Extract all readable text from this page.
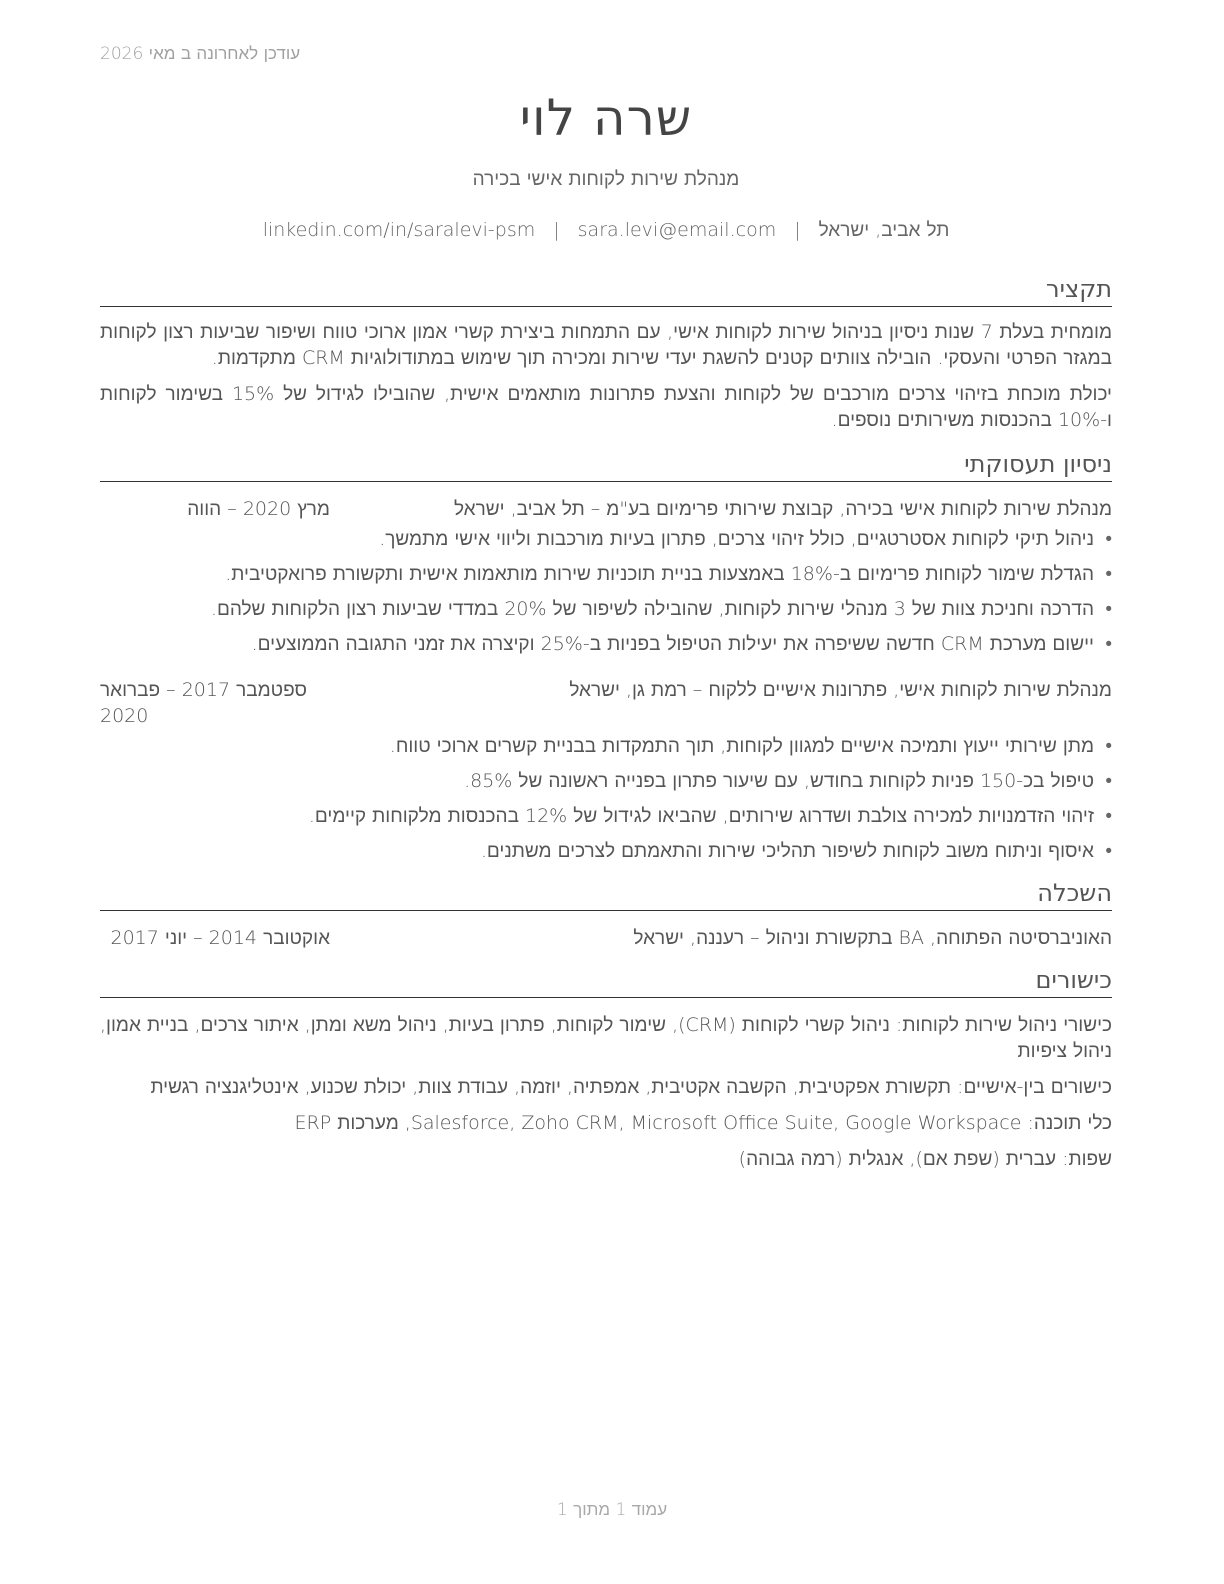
עודכן לאחרונה ב מאי 2026
שרה לוי
מנהלת שירות לקוחות אישי בכירה
תל אביב, ישראל
|
sara.levi@email.com
|
linkedin.com/in/saralevi-psm
תקציר

מומחית בעלת 7 שנות ניסיון בניהול שירות לקוחות אישי, עם התמחות ביצירת קשרי אמון ארוכי טווח ושיפור שביעות רצון לקוחות במגזר הפרטי והעסקי. הובילה צוותים קטנים להשגת יעדי שירות ומכירה תוך שימוש במתודולוגיות CRM מתקדמות.

יכולת מוכחת בזיהוי צרכים מורכבים של לקוחות והצעת פתרונות מותאמים אישית, שהובילו לגידול של 15% בשימור לקוחות ו-10% בהכנסות משירותים נוספים.

ניסיון תעסוקתי
מנהלת שירות לקוחות אישי בכירה, קבוצת שירותי פרימיום בע"מ – תל אביב, ישראל
מרץ 2020 – הווה
• ניהול תיקי לקוחות אסטרטגיים, כולל זיהוי צרכים, פתרון בעיות מורכבות וליווי אישי מתמשך.
• הגדלת שימור לקוחות פרימיום ב-18% באמצעות בניית תוכניות שירות מותאמות אישית ותקשורת פרואקטיבית.
• הדרכה וחניכת צוות של 3 מנהלי שירות לקוחות, שהובילה לשיפור של 20% במדדי שביעות רצון הלקוחות שלהם.
• יישום מערכת CRM חדשה ששיפרה את יעילות הטיפול בפניות ב-25% וקיצרה את זמני התגובה הממוצעים.
מנהלת שירות לקוחות אישי, פתרונות אישיים ללקוח – רמת גן, ישראל
ספטמבר 2017 – פברואר
2020
• מתן שירותי ייעוץ ותמיכה אישיים למגוון לקוחות, תוך התמקדות בבניית קשרים ארוכי טווח.
• טיפול בכ-150 פניות לקוחות בחודש, עם שיעור פתרון בפנייה ראשונה של 85%.
• זיהוי הזדמנויות למכירה צולבת ושדרוג שירותים, שהביאו לגידול של 12% בהכנסות מלקוחות קיימים.
• איסוף וניתוח משוב לקוחות לשיפור תהליכי שירות והתאמתם לצרכים משתנים.
השכלה
האוניברסיטה הפתוחה, BA בתקשורת וניהול – רעננה, ישראל
אוקטובר 2014 – יוני 2017
כישורים

כישורי ניהול שירות לקוחות: ניהול קשרי לקוחות (CRM), שימור לקוחות, פתרון בעיות, ניהול משא ומתן, איתור צרכים, בניית אמון, ניהול ציפיות

כישורים בין-אישיים: תקשורת אפקטיבית, הקשבה אקטיבית, אמפתיה, יוזמה, עבודת צוות, יכולת שכנוע, אינטליגנציה רגשית

כלי תוכנה: Salesforce, Zoho CRM, Microsoft Office Suite, Google Workspace, מערכות ERP

שפות: עברית (שפת אם), אנגלית (רמה גבוהה)

עמוד 1 מתוך 1
